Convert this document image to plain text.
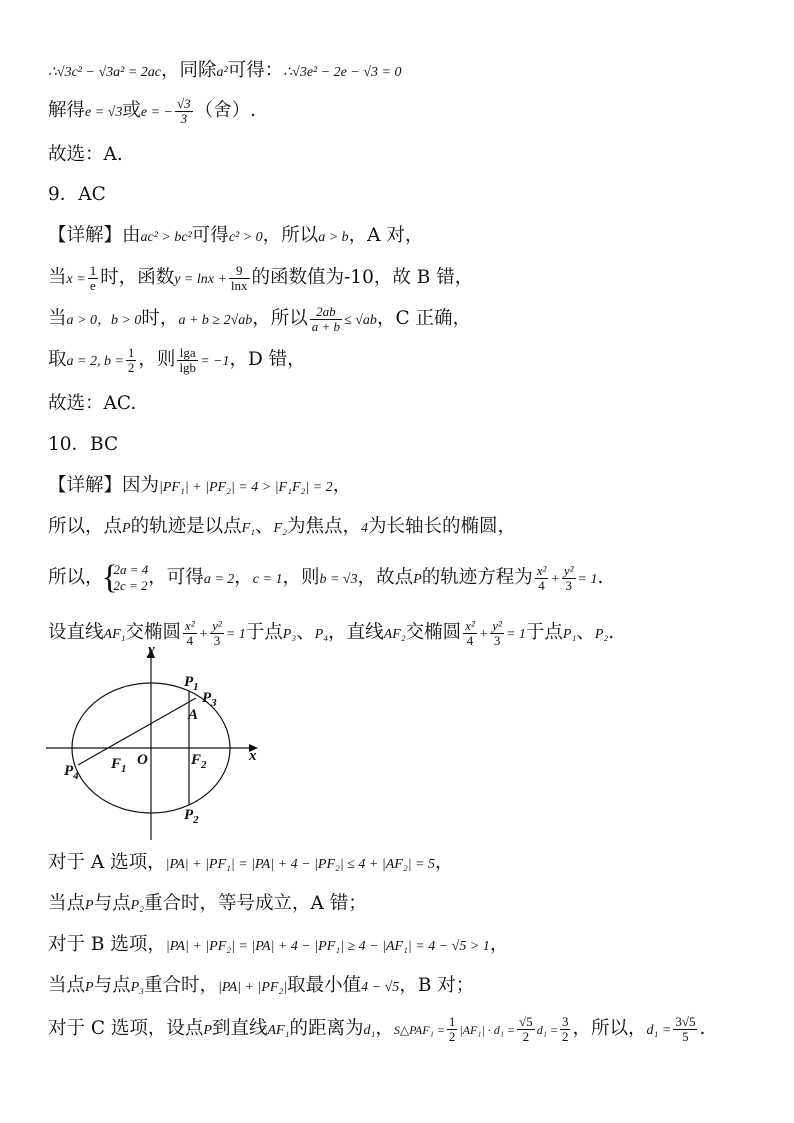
∴√3c² − √3a² = 2ac，同除a²可得：∴√3e² − 2e − √3 = 0
解得e = √3或e = − $\frac{√3}{3}$ （舍）.
故选：A.
9．AC
【详解】由ac² > bc²可得c² > 0，所以a > b，A 对，
当$x = \frac{1}{e}$ 时，函数$y = \ln x + \frac{9}{\ln x}$ 的函数值为-10，故 B 错，
当a > 0，b > 0时，a + b ≥ 2√ab，所以 $\frac{2ab}{a + b} \le √ab$，C 正确，
取a = 2, $b = \frac{1}{2}$ ，则 $\frac{\lg a}{\lg b} = -1$，D 错，
故选：AC.
10．BC
【详解】因为|PF₁| + |PF₂| = 4 > |F₁F₂| = 2，
所以，点P的轨迹是以点F₁、F₂为焦点，4为长轴长的椭圆，
所以，
{ 2a = 4
2c = 2 ，可得a = 2，c = 1，则b = √3，故点P的轨迹方程为 $\frac{\text{x²}}{4} + \frac{\text{y²}}{3} = 1$.
设直线AF₁交椭圆 $\frac{\text{x²}}{4} + \frac{\text{y²}}{3} = 1$于点P₃、P₄，直线AF₂交椭圆 $\frac{\text{x²}}{4} + \frac{\text{y²}}{3} = 1$于点P₁、P₂.
y
x
O
$F_1$
$F_2$
$P_1$
$P_3$
A
$P_2$
$P_4$
对于 A 选项，|PA| + |PF₁| = |PA| + 4 − |PF₂| ≤ 4 + |AF₂| = 5，
当点P与点P₂重合时，等号成立，A 错；
对于 B 选项，|PA| + |PF₂| = |PA| + 4 − |PF₁| ≥ 4 − |AF₁| = 4 − √5 > 1，
当点P与点P₃重合时，|PA| + |PF₂|取最小值4 − √5，B 对；
对于 C 选项，设点P到直线AF₁的距离为d₁，S△PAF₁ = $\frac{1}{2} |AF_1| \cdot d_1 = \frac{√5}{2} d_1 = \frac{3}{2}$ ，所以，$d_1 = \frac{3√5}{5}$ .
